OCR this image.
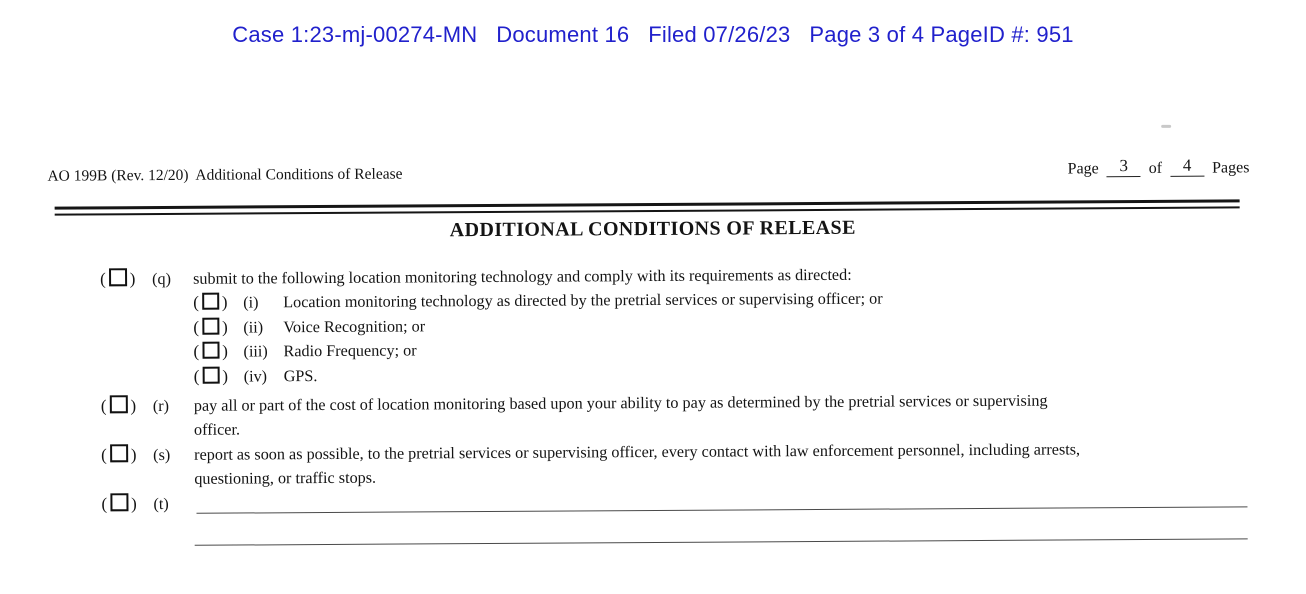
Case 1:23-mj-00274-MN   Document 16   Filed 07/26/23   Page 3 of 4 PageID #: 951
AO 199B (Rev. 12/20)  Additional Conditions of Release	Page 3 of 4 Pages
ADDITIONAL CONDITIONS OF RELEASE
( )	(q)	submit to the following location monitoring technology and comply with its requirements as directed:
( ) (i)	Location monitoring technology as directed by the pretrial services or supervising officer; or
( ) (ii)	Voice Recognition; or
( ) (iii) Radio Frequency; or
( ) (iv)	GPS.
( )	(r)	pay all or part of the cost of location monitoring based upon your ability to pay as determined by the pretrial services or supervising
officer.
( )	(s)	report as soon as possible, to the pretrial services or supervising officer, every contact with law enforcement personnel, including arrests,
questioning, or traffic stops.
( )	(t)
